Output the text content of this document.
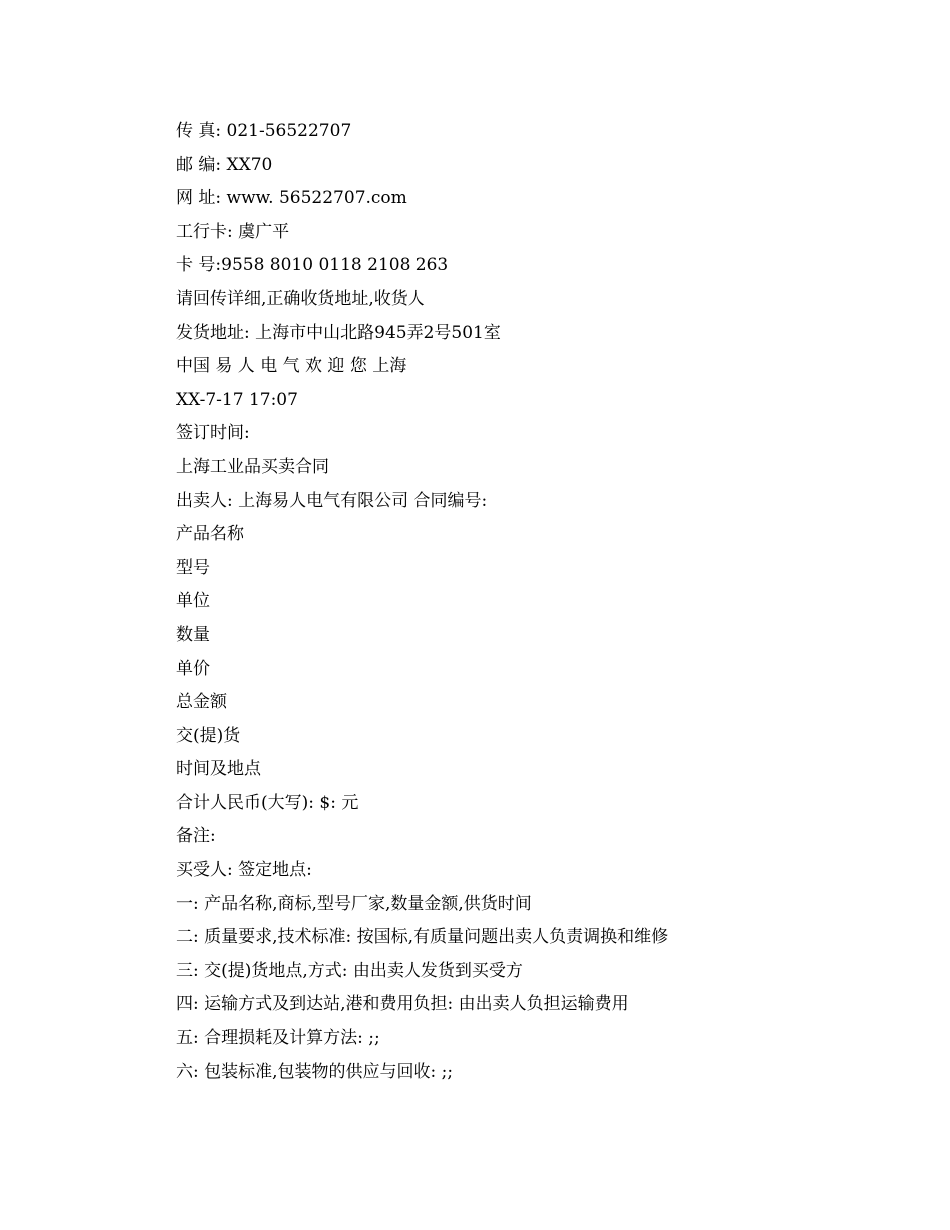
传 真: 021-56522707
邮 编: XX70
网 址: www. 56522707.com
工行卡: 虞广平
卡 号:9558 8010 0118 2108 263
请回传详细,正确收货地址,收货人
发货地址: 上海市中山北路945弄2号501室
中国 易 人 电 气 欢 迎 您 上海
XX-7-17 17:07
签订时间:
上海工业品买卖合同
出卖人: 上海易人电气有限公司 合同编号:
产品名称
型号
单位
数量
单价
总金额
交(提)货
时间及地点
合计人民币(大写): $: 元
备注:
买受人: 签定地点:
一: 产品名称,商标,型号厂家,数量金额,供货时间
二: 质量要求,技术标准: 按国标,有质量问题出卖人负责调换和维修
三: 交(提)货地点,方式: 由出卖人发货到买受方
四: 运输方式及到达站,港和费用负担: 由出卖人负担运输费用
五: 合理损耗及计算方法: ;;
六: 包装标准,包装物的供应与回收: ;;
